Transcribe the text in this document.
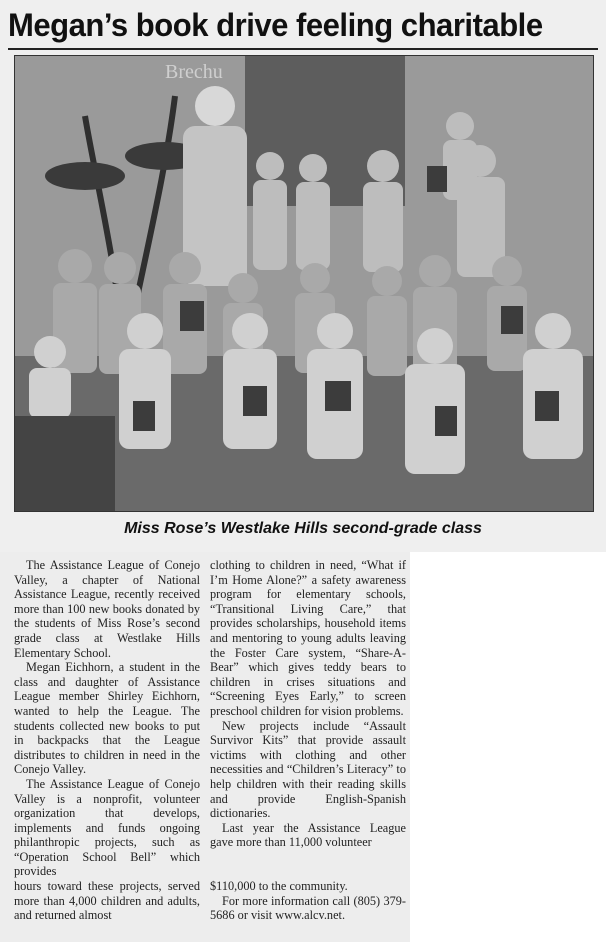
Megan’s book drive feeling charitable
Brechu
Miss Rose’s Westlake Hills second-grade class

The Assistance League of Conejo Valley, a chapter of National Assistance League, recently received more than 100 new books donated by the students of Miss Rose’s second grade class at Westlake Hills Elementary School.

Megan Eichhorn, a student in the class and daughter of Assistance League member Shirley Eichhorn, wanted to help the League. The students collected new books to put in backpacks that the League distributes to children in need in the Conejo Valley.

The Assistance League of Conejo Valley is a nonprofit, volunteer organization that develops, implements and funds ongoing philanthropic projects, such as “Operation School Bell” which provides

clothing to children in need, “What if I’m Home Alone?” a safety awareness program for elementary schools, “Transitional Living Care,” that provides scholarships, household items and mentoring to young adults leaving the Foster Care system, “Share-A-Bear” which gives teddy bears to children in crises situations and “Screening Eyes Early,” to screen preschool children for vision problems.

New projects include “Assault Survivor Kits” that provide assault victims with clothing and other necessities and “Children’s Literacy” to help children with their reading skills and provide English-Spanish dictionaries.

Last year the Assistance League gave more than 11,000 volunteer

hours toward these projects, served more than 4,000 children and adults, and returned almost

$110,000 to the community.

For more information call (805) 379-5686 or visit www.alcv.net.
